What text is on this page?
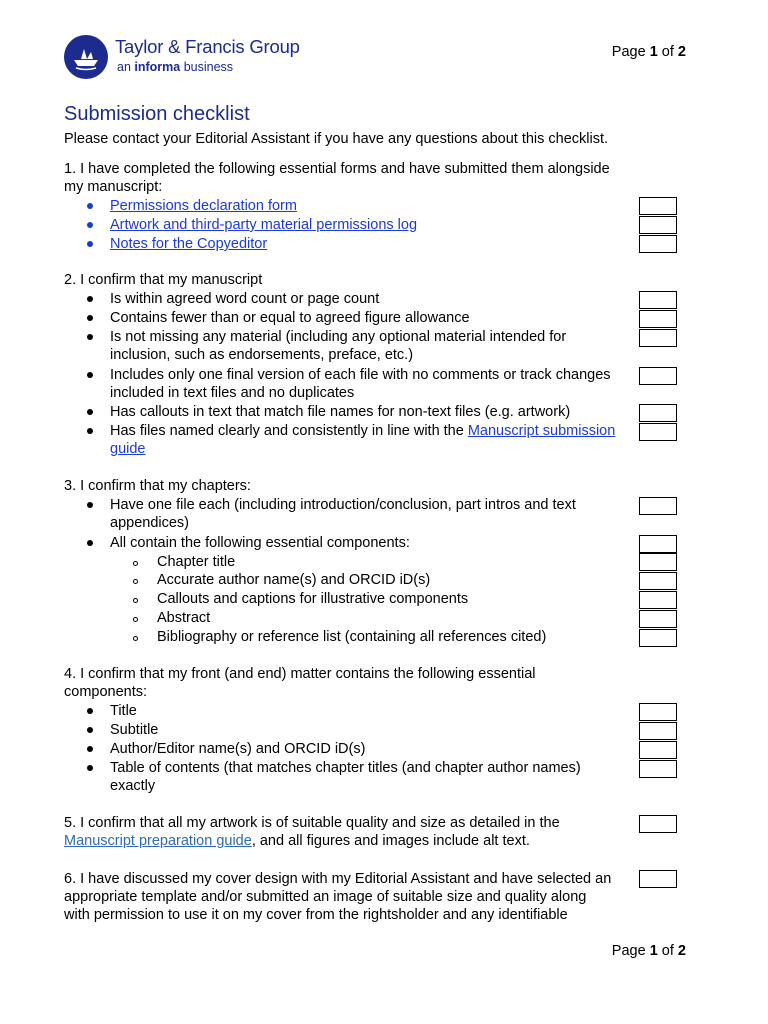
Taylor & Francis Group
an informa business
Page 1 of 2
Submission checklist
Please contact your Editorial Assistant if you have any questions about this checklist.
1. I have completed the following essential forms and have submitted them alongside
my manuscript:
Permissions declaration form
Artwork and third-party material permissions log
Notes for the Copyeditor
2. I confirm that my manuscript
Is within agreed word count or page count
Contains fewer than or equal to agreed figure allowance
Is not missing any material (including any optional material intended for
inclusion, such as endorsements, preface, etc.)
Includes only one final version of each file with no comments or track changes
included in text files and no duplicates
Has callouts in text that match file names for non-text files (e.g. artwork)
Has files named clearly and consistently in line with the Manuscript submission
guide
3. I confirm that my chapters:
Have one file each (including introduction/conclusion, part intros and text
appendices)
All contain the following essential components:
Chapter title
Accurate author name(s) and ORCID iD(s)
Callouts and captions for illustrative components
Abstract
Bibliography or reference list (containing all references cited)
4. I confirm that my front (and end) matter contains the following essential
components:
Title
Subtitle
Author/Editor name(s) and ORCID iD(s)
Table of contents (that matches chapter titles (and chapter author names)
exactly
5. I confirm that all my artwork is of suitable quality and size as detailed in the
Manuscript preparation guide, and all figures and images include alt text.
6. I have discussed my cover design with my Editorial Assistant and have selected an
appropriate template and/or submitted an image of suitable size and quality along
with permission to use it on my cover from the rightsholder and any identifiable
Page 1 of 2
